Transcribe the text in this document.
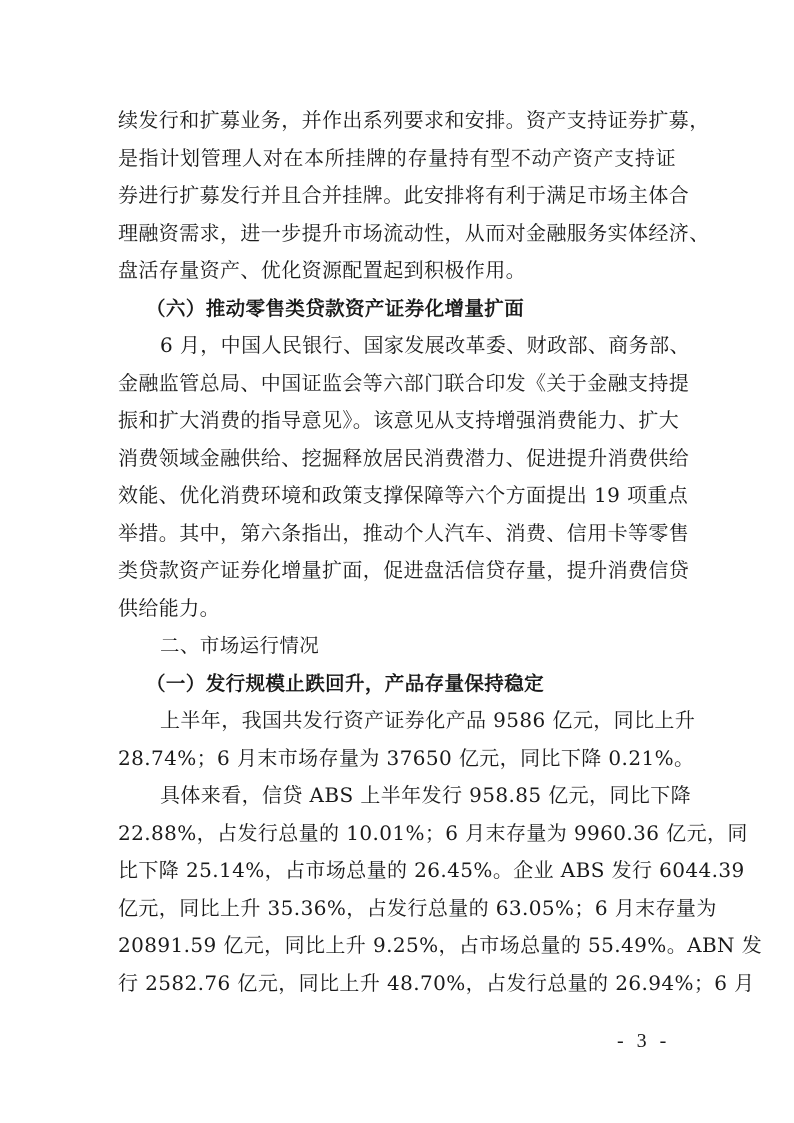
续发行和扩募业务，并作出系列要求和安排。资产支持证券扩募，
是指计划管理人对在本所挂牌的存量持有型不动产资产支持证
券进行扩募发行并且合并挂牌。此安排将有利于满足市场主体合
理融资需求，进一步提升市场流动性，从而对金融服务实体经济、
盘活存量资产、优化资源配置起到积极作用。
（六）推动零售类贷款资产证券化增量扩面
6 月，中国人民银行、国家发展改革委、财政部、商务部、
金融监管总局、中国证监会等六部门联合印发《关于金融支持提
振和扩大消费的指导意见》。该意见从支持增强消费能力、扩大
消费领域金融供给、挖掘释放居民消费潜力、促进提升消费供给
效能、优化消费环境和政策支撑保障等六个方面提出 19 项重点
举措。其中，第六条指出，推动个人汽车、消费、信用卡等零售
类贷款资产证券化增量扩面，促进盘活信贷存量，提升消费信贷
供给能力。
二、市场运行情况
（一）发行规模止跌回升，产品存量保持稳定
上半年，我国共发行资产证券化产品 9586 亿元，同比上升
28.74%；6 月末市场存量为 37650 亿元，同比下降 0.21%。
具体来看，信贷 ABS 上半年发行 958.85 亿元，同比下降
22.88%，占发行总量的 10.01%；6 月末存量为 9960.36 亿元，同
比下降 25.14%，占市场总量的 26.45%。企业 ABS 发行 6044.39
亿元，同比上升 35.36%，占发行总量的 63.05%；6 月末存量为
20891.59 亿元，同比上升 9.25%，占市场总量的 55.49%。ABN 发
行 2582.76 亿元，同比上升 48.70%，占发行总量的 26.94%；6 月
- 3 -
